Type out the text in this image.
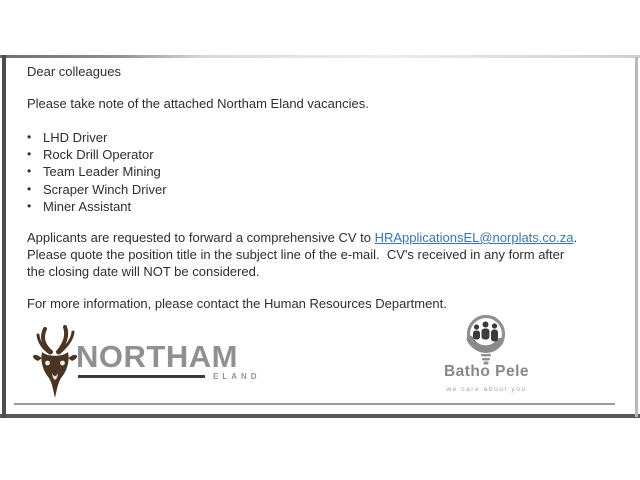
Dear colleagues
Please take note of the attached Northam Eland vacancies.
• LHD Driver
• Rock Drill Operator
• Team Leader Mining
• Scraper Winch Driver
• Miner Assistant
Applicants are requested to forward a comprehensive CV to HRApplicationsEL@norplats.co.za.
Please quote the position title in the subject line of the e-mail.  CV's received in any form after
the closing date will NOT be considered.
For more information, please contact the Human Resources Department.
NORTHAM
ELAND	Batho Pele
we care about you
